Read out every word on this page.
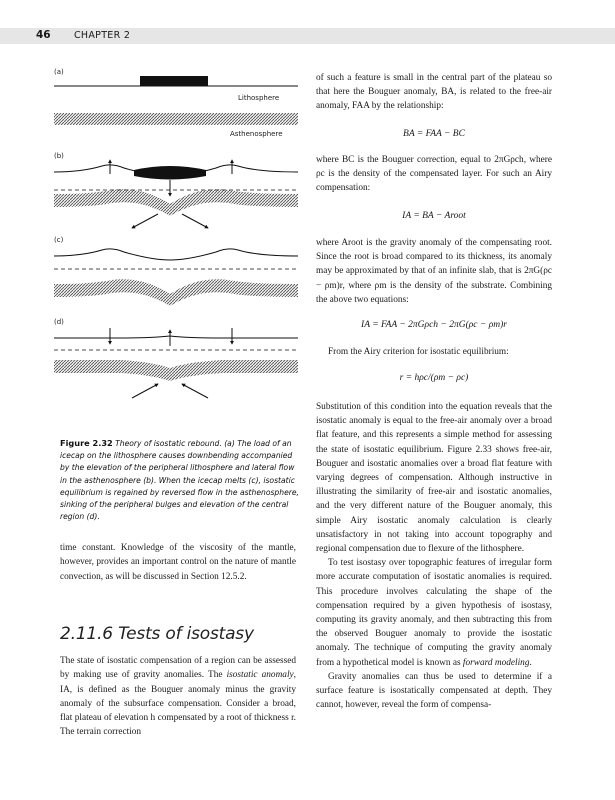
46 CHAPTER 2
(a)
Lithosphere
Asthenosphere
(b)
(c)
(d)
Figure 2.32 Theory of isostatic rebound. (a) The load of an icecap on the lithosphere causes downbending accompanied by the elevation of the peripheral lithosphere and lateral flow in the asthenosphere (b). When the icecap melts (c), isostatic equilibrium is regained by reversed flow in the asthenosphere, sinking of the peripheral bulges and elevation of the central region (d).

time constant. Knowledge of the viscosity of the mantle, however, provides an important control on the nature of mantle convection, as will be discussed in Section 12.5.2.

2.11.6 Tests of isostasy

The state of isostatic compensation of a region can be assessed by making use of gravity anomalies. The isostatic anomaly, IA, is defined as the Bouguer anomaly minus the gravity anomaly of the subsurface compensation. Consider a broad, flat plateau of elevation h compensated by a root of thickness r. The terrain correction

of such a feature is small in the central part of the plateau so that here the Bouguer anomaly, BA, is related to the free-air anomaly, FAA by the relationship:

BA = FAA − BC

where BC is the Bouguer correction, equal to 2πGρch, where ρc is the density of the compensated layer. For such an Airy compensation:

IA = BA − Aroot

where Aroot is the gravity anomaly of the compensating root. Since the root is broad compared to its thickness, its anomaly may be approximated by that of an infinite slab, that is 2πG(ρc − ρm)r, where ρm is the density of the substrate. Combining the above two equations:

IA = FAA − 2πGρch − 2πG(ρc − ρm)r

From the Airy criterion for isostatic equilibrium:

r = hρc/(ρm − ρc)

Substitution of this condition into the equation reveals that the isostatic anomaly is equal to the free-air anomaly over a broad flat feature, and this represents a simple method for assessing the state of isostatic equilibrium. Figure 2.33 shows free-air, Bouguer and isostatic anomalies over a broad flat feature with varying degrees of compensation. Although instructive in illustrating the similarity of free-air and isostatic anomalies, and the very different nature of the Bouguer anomaly, this simple Airy isostatic anomaly calculation is clearly unsatisfactory in not taking into account topography and regional compensation due to flexure of the lithosphere.

To test isostasy over topographic features of irregular form more accurate computation of isostatic anomalies is required. This procedure involves calculating the shape of the compensation required by a given hypothesis of isostasy, computing its gravity anomaly, and then subtracting this from the observed Bouguer anomaly to provide the isostatic anomaly. The technique of computing the gravity anomaly from a hypothetical model is known as forward modeling.

Gravity anomalies can thus be used to determine if a surface feature is isostatically compensated at depth. They cannot, however, reveal the form of compensa-
